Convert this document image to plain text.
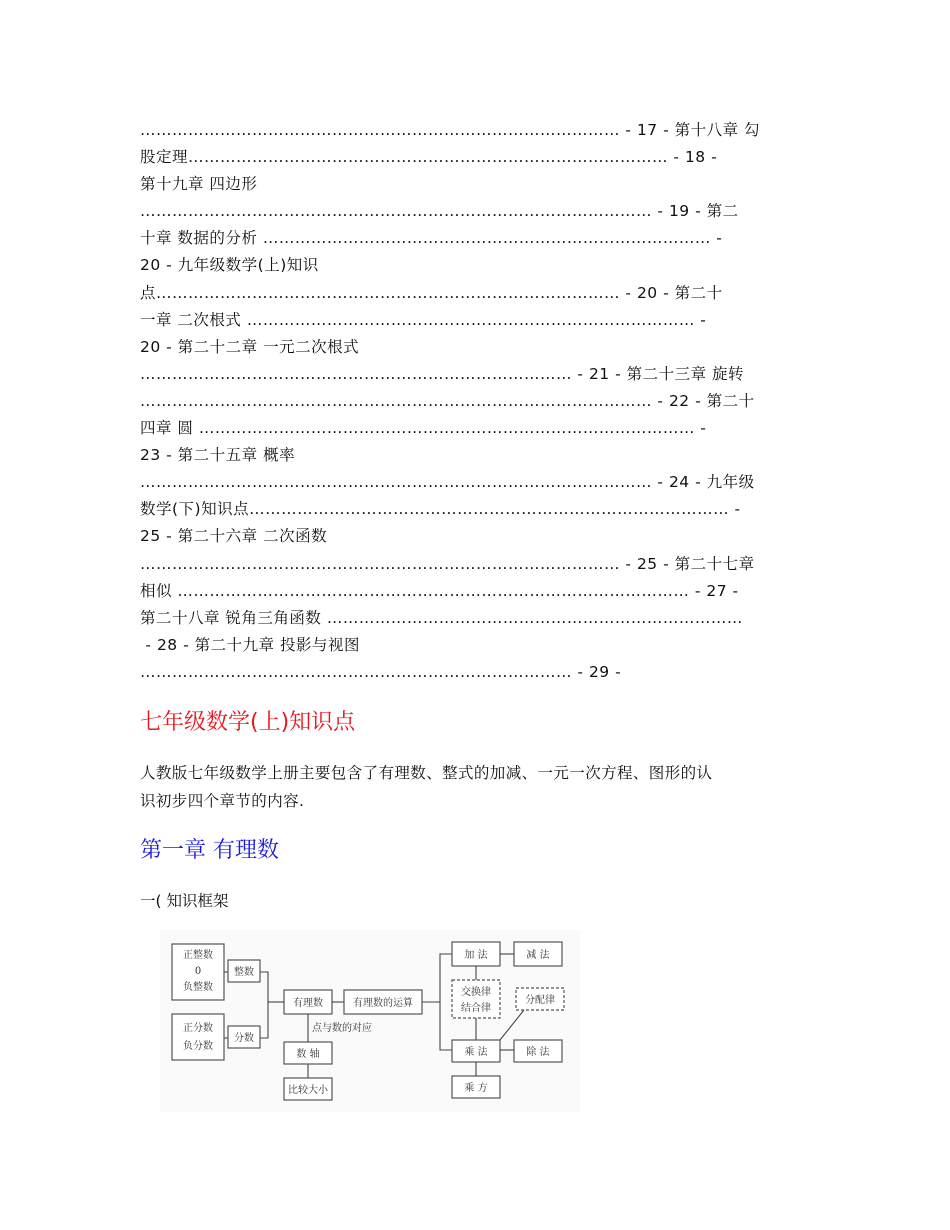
……………………………………………………………………………… - 17 - 第十八章 勾
股定理……………………………………………………………………………… - 18 -
第十九章 四边形
…………………………………………………………………………………… - 19 - 第二
十章 数据的分析 ………………………………………………………………………… -
20 - 九年级数学(上)知识
点…………………………………………………………………………… - 20 - 第二十
一章 二次根式 ………………………………………………………………………… -
20 - 第二十二章 一元二次根式
……………………………………………………………………… - 21 - 第二十三章 旋转
…………………………………………………………………………………… - 22 - 第二十
四章 圆 ………………………………………………………………………………… -
23 - 第二十五章 概率
…………………………………………………………………………………… - 24 - 九年级
数学(下)知识点……………………………………………………………………………… -
25 - 第二十六章 二次函数
……………………………………………………………………………… - 25 - 第二十七章
相似 …………………………………………………………………………………… - 27 -
第二十八章 锐角三角函数 ……………………………………………………………………
- 28 - 第二十九章 投影与视图
……………………………………………………………………… - 29 -
七年级数学(上)知识点
人教版七年级数学上册主要包含了有理数、整式的加减、一元一次方程、图形的认
识初步四个章节的内容.
第一章 有理数
一( 知识框架
正整数
0
负整数
整数
正分数
负分数
分数
有理数	有理数的运算
点与数的对应
数 轴
比较大小
加 法	减 法
交换律
结合律
分配律
乘 法	除 法
乘 方
